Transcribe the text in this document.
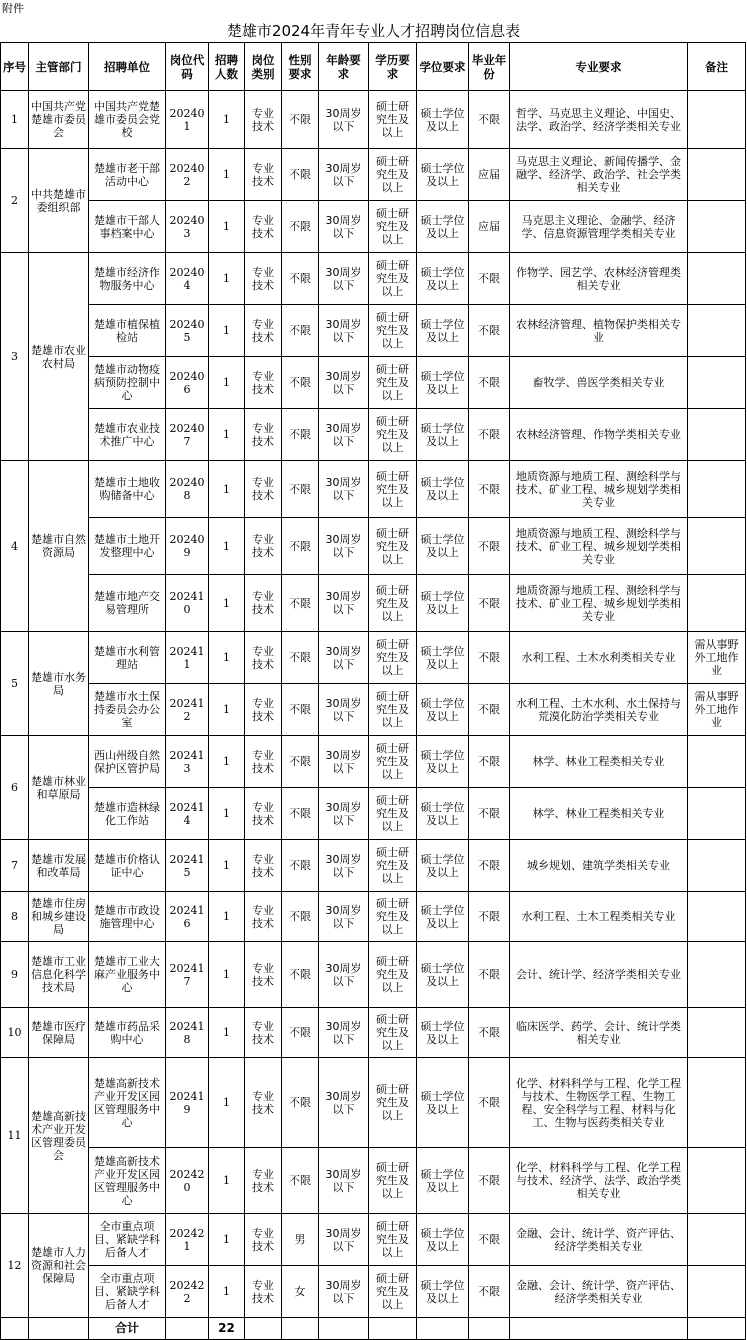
附件
楚雄市2024年青年专业人才招聘岗位信息表
序号	主管部门	招聘单位	岗位代码	招聘人数	岗位类别	性别要求	年龄要求	学历要求	学位要求	毕业年份	专业要求	备注
1	中国共产党楚雄市委员会	中国共产党楚雄市委员会党校	202401	1	专业技术	不限	30周岁以下	硕士研究生及以上	硕士学位及以上	不限	哲学、马克思主义理论、中国史、法学、政治学、经济学类相关专业	
2	中共楚雄市委组织部	楚雄市老干部活动中心	202402	1	专业技术	不限	30周岁以下	硕士研究生及以上	硕士学位及以上	应届	马克思主义理论、新闻传播学、金融学、经济学、政治学、社会学类相关专业	
		楚雄市干部人事档案中心	202403	1	专业技术	不限	30周岁以下	硕士研究生及以上	硕士学位及以上	应届	马克思主义理论、金融学、经济学、信息资源管理学类相关专业	
3	楚雄市农业农村局	楚雄市经济作物服务中心	202404	1	专业技术	不限	30周岁以下	硕士研究生及以上	硕士学位及以上	不限	作物学、园艺学、农林经济管理类相关专业	
		楚雄市植保植检站	202405	1	专业技术	不限	30周岁以下	硕士研究生及以上	硕士学位及以上	不限	农林经济管理、植物保护类相关专业	
		楚雄市动物疫病预防控制中心	202406	1	专业技术	不限	30周岁以下	硕士研究生及以上	硕士学位及以上	不限	畜牧学、兽医学类相关专业	
		楚雄市农业技术推广中心	202407	1	专业技术	不限	30周岁以下	硕士研究生及以上	硕士学位及以上	不限	农林经济管理、作物学类相关专业	
4	楚雄市自然资源局	楚雄市土地收购储备中心	202408	1	专业技术	不限	30周岁以下	硕士研究生及以上	硕士学位及以上	不限	地质资源与地质工程、测绘科学与技术、矿业工程、城乡规划学类相关专业	
		楚雄市土地开发整理中心	202409	1	专业技术	不限	30周岁以下	硕士研究生及以上	硕士学位及以上	不限	地质资源与地质工程、测绘科学与技术、矿业工程、城乡规划学类相关专业	
		楚雄市地产交易管理所	202410	1	专业技术	不限	30周岁以下	硕士研究生及以上	硕士学位及以上	不限	地质资源与地质工程、测绘科学与技术、矿业工程、城乡规划学类相关专业	
5	楚雄市水务局	楚雄市水利管理站	202411	1	专业技术	不限	30周岁以下	硕士研究生及以上	硕士学位及以上	不限	水利工程、土木水利类相关专业	需从事野外工地作业
		楚雄市水土保持委员会办公室	202412	1	专业技术	不限	30周岁以下	硕士研究生及以上	硕士学位及以上	不限	水利工程、土木水利、水土保持与荒漠化防治学类相关专业	需从事野外工地作业
6	楚雄市林业和草原局	西山州级自然保护区管护局	202413	1	专业技术	不限	30周岁以下	硕士研究生及以上	硕士学位及以上	不限	林学、林业工程类相关专业	
		楚雄市造林绿化工作站	202414	1	专业技术	不限	30周岁以下	硕士研究生及以上	硕士学位及以上	不限	林学、林业工程类相关专业	
7	楚雄市发展和改革局	楚雄市价格认证中心	202415	1	专业技术	不限	30周岁以下	硕士研究生及以上	硕士学位及以上	不限	城乡规划、建筑学类相关专业	
8	楚雄市住房和城乡建设局	楚雄市市政设施管理中心	202416	1	专业技术	不限	30周岁以下	硕士研究生及以上	硕士学位及以上	不限	水利工程、土木工程类相关专业	
9	楚雄市工业信息化科学技术局	楚雄市工业大麻产业服务中心	202417	1	专业技术	不限	30周岁以下	硕士研究生及以上	硕士学位及以上	不限	会计、统计学、经济学类相关专业	
10	楚雄市医疗保障局	楚雄市药品采购中心	202418	1	专业技术	不限	30周岁以下	硕士研究生及以上	硕士学位及以上	不限	临床医学、药学、会计、统计学类相关专业	
11	楚雄高新技术产业开发区管理委员会	楚雄高新技术产业开发区园区管理服务中心	202419	1	专业技术	不限	30周岁以下	硕士研究生及以上	硕士学位及以上	不限	化学、材料科学与工程、化学工程与技术、生物医学工程、生物工程、安全科学与工程、材料与化工、生物与医药类相关专业	
		楚雄高新技术产业开发区园区管理服务中心	202420	1	专业技术	不限	30周岁以下	硕士研究生及以上	硕士学位及以上	不限	化学、材料科学与工程、化学工程与技术、经济学、法学、政治学类相关专业	
12	楚雄市人力资源和社会保障局	全市重点项目、紧缺学科后备人才	202421	1	专业技术	男	30周岁以下	硕士研究生及以上	硕士学位及以上	不限	金融、会计、统计学、资产评估、经济学类相关专业	
		全市重点项目、紧缺学科后备人才	202422	1	专业技术	女	30周岁以下	硕士研究生及以上	硕士学位及以上	不限	金融、会计、统计学、资产评估、经济学类相关专业	
		合计		22								
